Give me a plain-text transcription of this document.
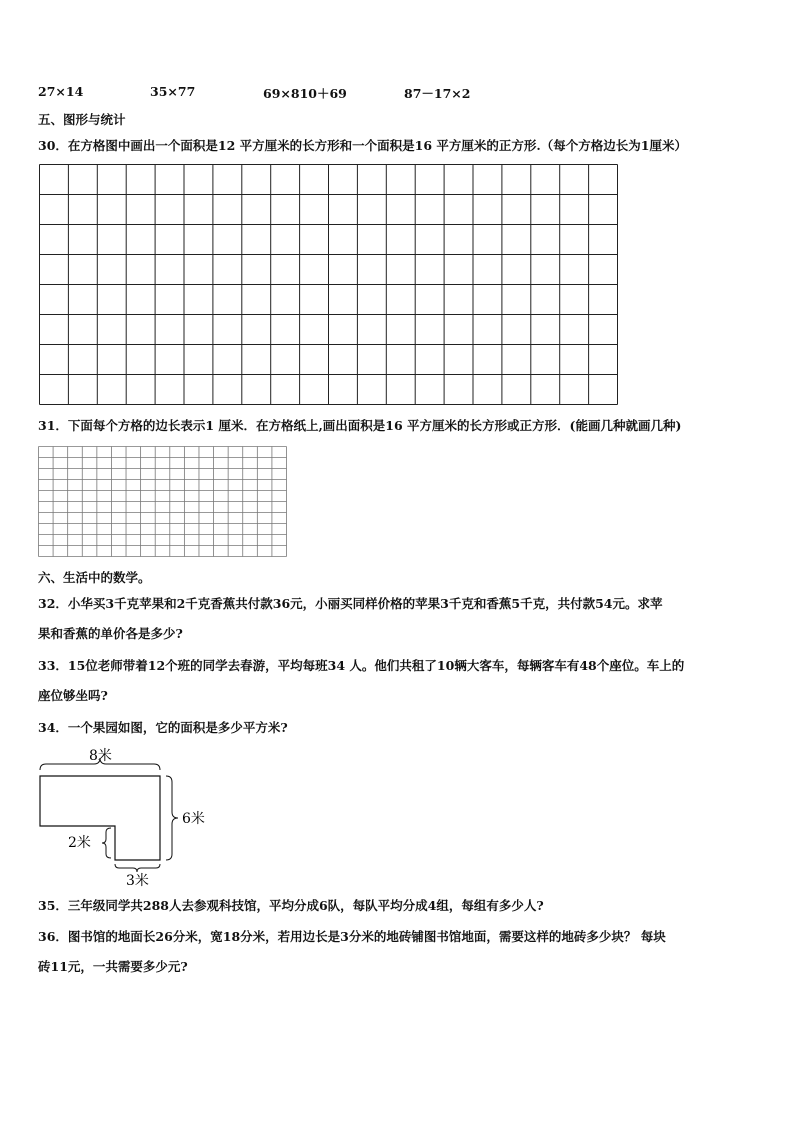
27×14	35×77	69×810＋69	87－17×2
五、图形与统计
30．在方格图中画出一个面积是12 平方厘米的长方形和一个面积是16 平方厘米的正方形.（每个方格边长为1厘米）
31．下面每个方格的边长表示1 厘米．在方格纸上,画出面积是16 平方厘米的长方形或正方形．(能画几种就画几种)
六、生活中的数学。
32．小华买3千克苹果和2千克香蕉共付款36元，小丽买同样价格的苹果3千克和香蕉5千克，共付款54元。求苹
果和香蕉的单价各是多少?
33．15位老师带着12个班的同学去春游，平均每班34 人。他们共租了10辆大客车，每辆客车有48个座位。车上的
座位够坐吗?
34．一个果园如图，它的面积是多少平方米?
8米
6米
2米
3米
35．三年级同学共288人去参观科技馆，平均分成6队，每队平均分成4组，每组有多少人?
36．图书馆的地面长26分米，宽18分米，若用边长是3分米的地砖铺图书馆地面，需要这样的地砖多少块？ 每块
砖11元，一共需要多少元?
